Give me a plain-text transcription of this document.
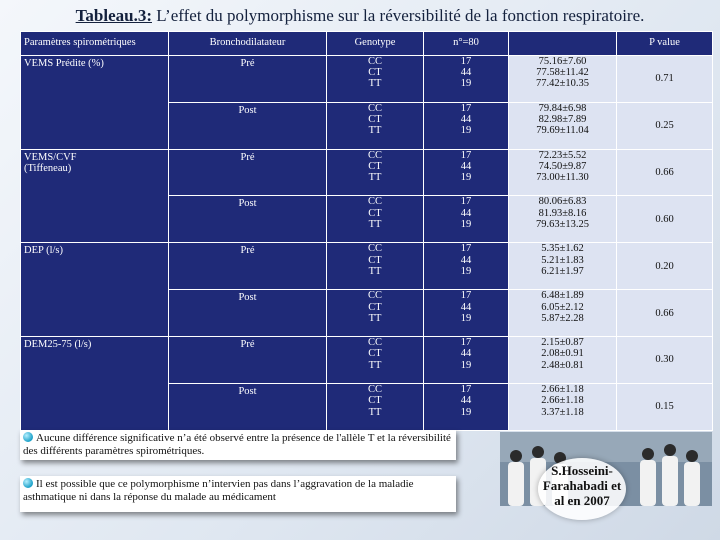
Tableau.3: L’effet du polymorphisme sur la réversibilité de la fonction respiratoire.
Paramètres spirométriques	Bronchodilatateur	Genotype	n°=80		P value

VEMS Prédite (%)	Pré	CC
CT
TT	17
44
19	75.16±7.60
77.58±11.42
77.42±10.35	0.71
	Post	CC
CT
TT	17
44
19	79.84±6.98
82.98±7.89
79.69±11.04	0.25

VEMS/CVF
(Tiffeneau)	Pré	CC
CT
TT	17
44
19	72.23±5.52
74.50±9.87
73.00±11.30	0.66
	Post	CC
CT
TT	17
44
19	80.06±6.83
81.93±8.16
79.63±13.25	0.60

DEP (l/s)	Pré	CC
CT
TT	17
44
19	5.35±1.62
5.21±1.83
6.21±1.97	0.20
	Post	CC
CT
TT	17
44
19	6.48±1.89
6.05±2.12
5.87±2.28	0.66

DEM25-75 (l/s)	Pré	CC
CT
TT	17
44
19	2.15±0.87
2.08±0.91
2.48±0.81	0.30
	Post	CC
CT
TT	17
44
19	2.66±1.18
2.66±1.18
3.37±1.18	0.15
Aucune différence significative n’a été observé entre la présence de l'allèle T et la réversibilité des différents paramètres spirométriques.
Il est possible que ce polymorphisme n’intervien pas dans l’aggravation de la maladie asthmatique ni dans la réponse du malade au médicament
S.Hosseini-
Farahabadi et
al en 2007
